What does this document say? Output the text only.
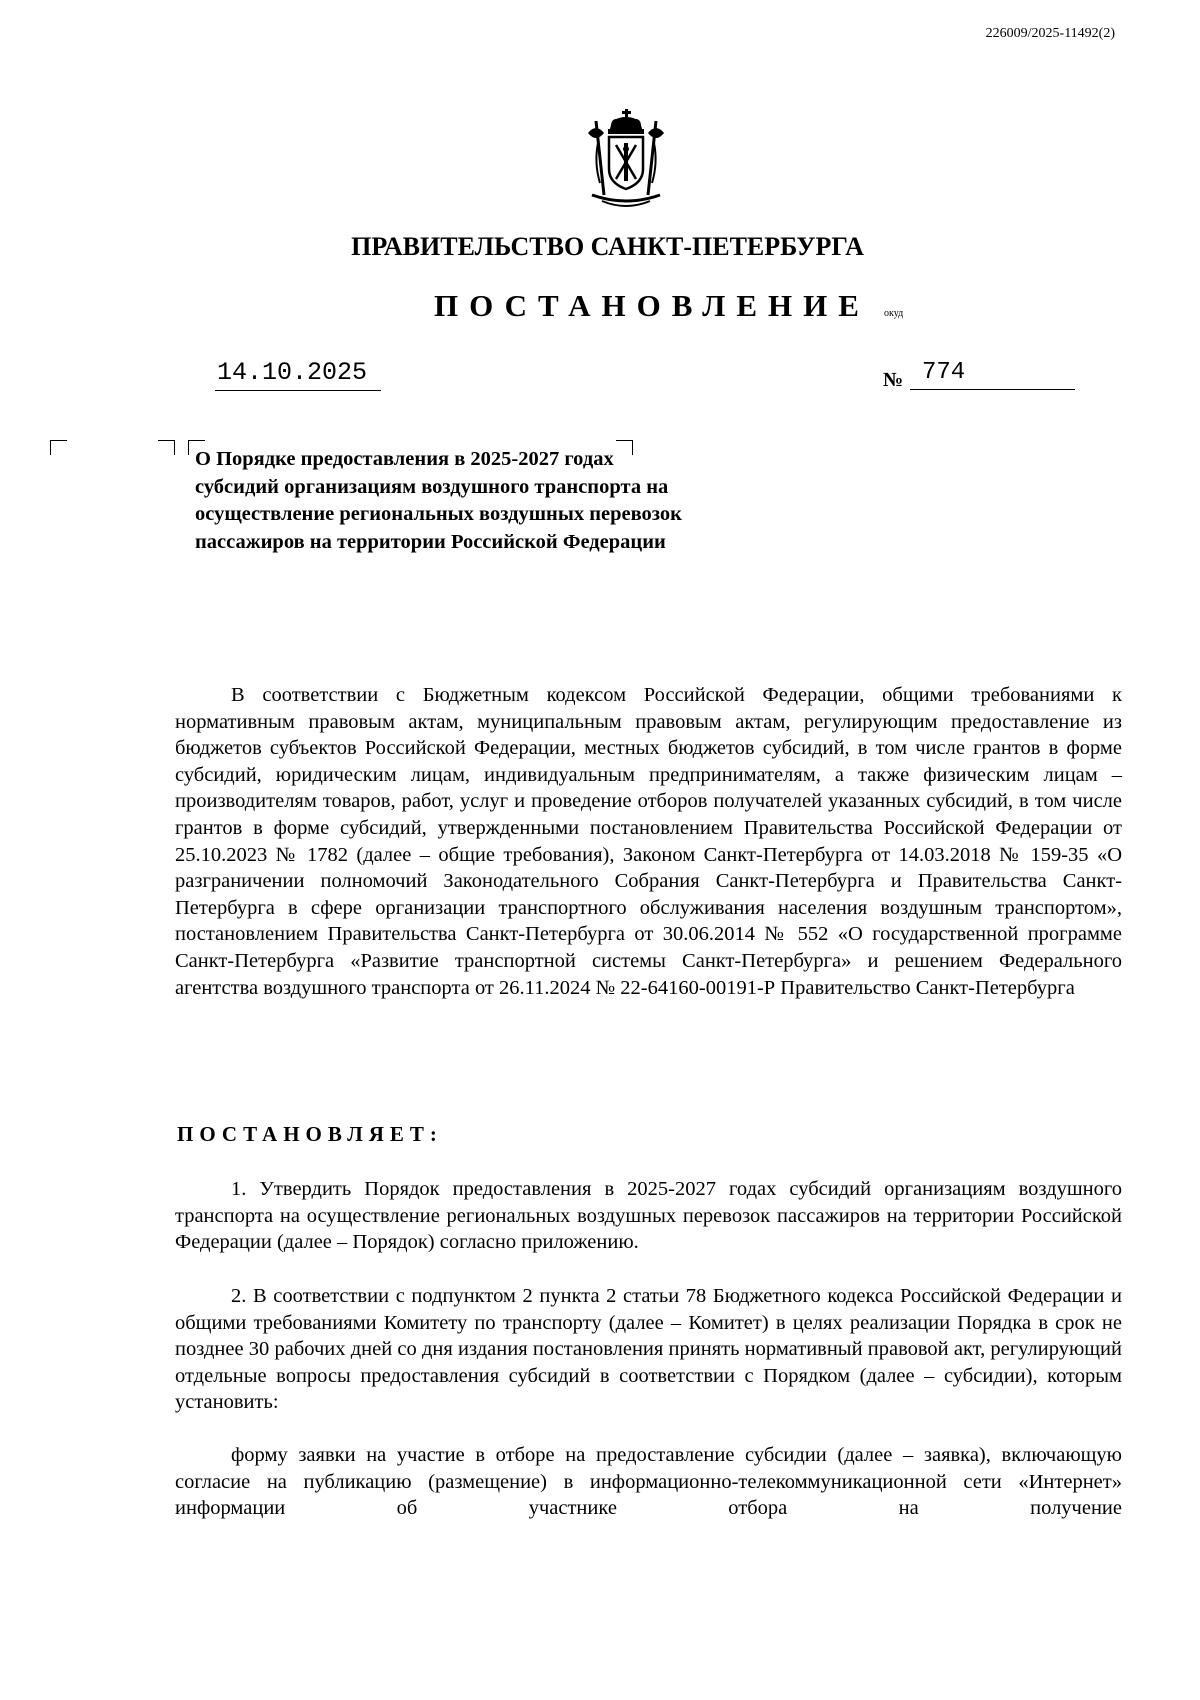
226009/2025-11492(2)
ПРАВИТЕЛЬСТВО САНКТ-ПЕТЕРБУРГА
ПОСТАНОВЛЕНИЕ окуд
14.10.2025	№ 774
О Порядке предоставления в 2025-2027 годах субсидий организациям воздушного транспорта на осуществление региональных воздушных перевозок пассажиров на территории Российской Федерации
В соответствии с Бюджетным кодексом Российской Федерации, общими требованиями к нормативным правовым актам, муниципальным правовым актам, регулирующим предоставление из бюджетов субъектов Российской Федерации, местных бюджетов субсидий, в том числе грантов в форме субсидий, юридическим лицам, индивидуальным предпринимателям, а также физическим лицам – производителям товаров, работ, услуг и проведение отборов получателей указанных субсидий, в том числе грантов в форме субсидий, утвержденными постановлением Правительства Российской Федерации от 25.10.2023 № 1782 (далее – общие требования), Законом Санкт-Петербурга от 14.03.2018 № 159-35 «О разграничении полномочий Законодательного Собрания Санкт-Петербурга и Правительства Санкт-Петербурга в сфере организации транспортного обслуживания населения воздушным транспортом», постановлением Правительства Санкт-Петербурга от 30.06.2014 № 552 «О государственной программе Санкт-Петербурга «Развитие транспортной системы Санкт-Петербурга» и решением Федерального агентства воздушного транспорта от 26.11.2024 № 22-64160-00191-Р Правительство Санкт-Петербурга
ПОСТАНОВЛЯЕТ:
1. Утвердить Порядок предоставления в 2025-2027 годах субсидий организациям воздушного транспорта на осуществление региональных воздушных перевозок пассажиров на территории Российской Федерации (далее – Порядок) согласно приложению.
2. В соответствии с подпунктом 2 пункта 2 статьи 78 Бюджетного кодекса Российской Федерации и общими требованиями Комитету по транспорту (далее – Комитет) в целях реализации Порядка в срок не позднее 30 рабочих дней со дня издания постановления принять нормативный правовой акт, регулирующий отдельные вопросы предоставления субсидий в соответствии с Порядком (далее – субсидии), которым установить:
форму заявки на участие в отборе на предоставление субсидии (далее – заявка), включающую согласие на публикацию (размещение) в информационно-телекоммуникационной сети «Интернет» информации об участнике отбора на получение
